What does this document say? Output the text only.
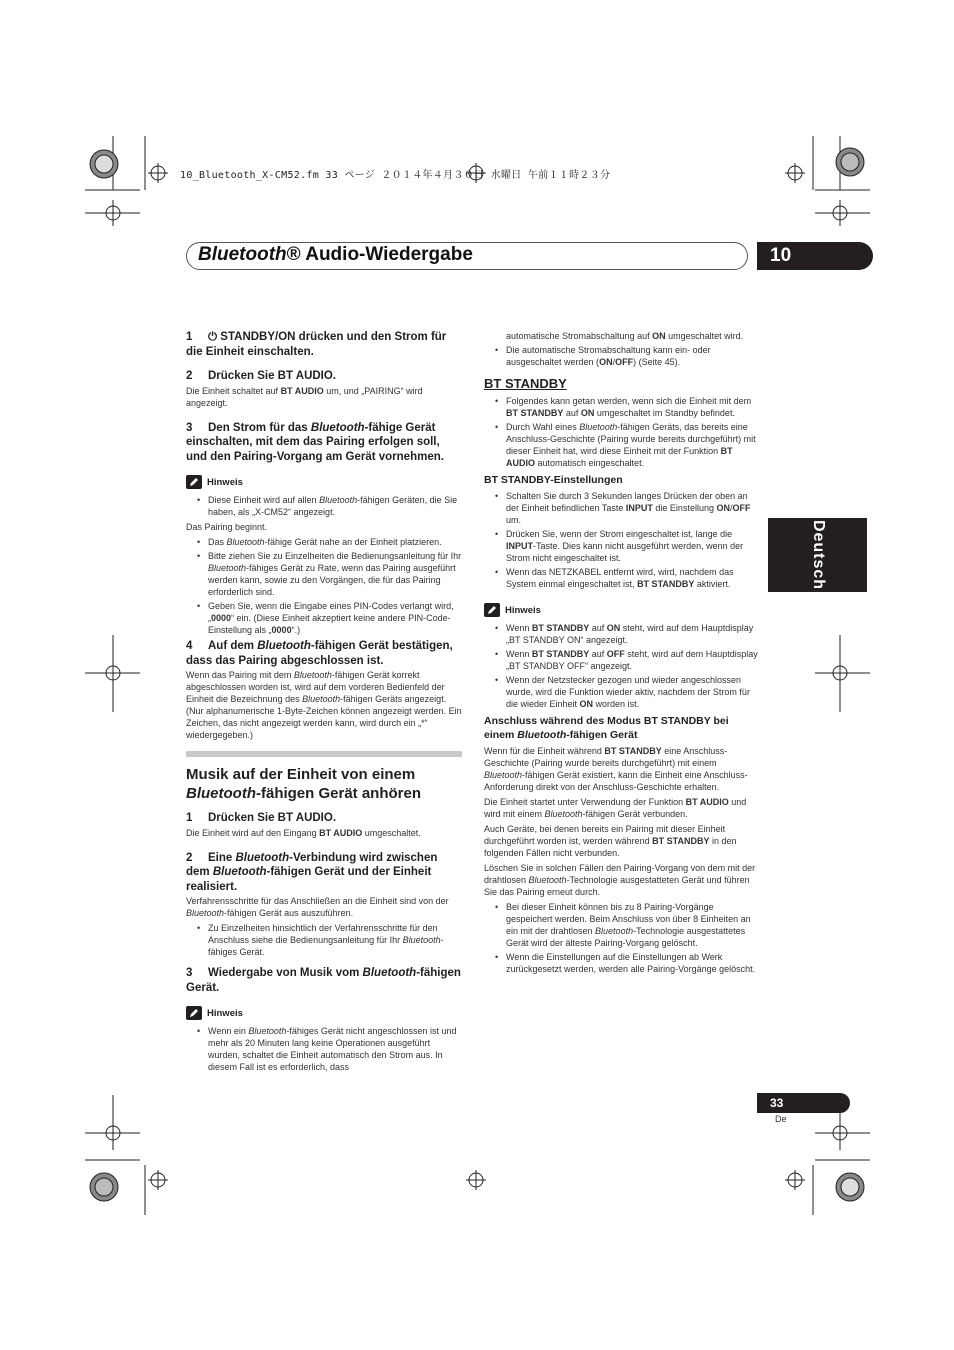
10_Bluetooth_X-CM52.fm 33 ページ ２０１４年４月３０日 水曜日 午前１１時２３分
Bluetooth® Audio-Wiedergabe	10
Deutsch
1 ⏻ STANDBY/ON drücken und den Strom für die Einheit einschalten.
2 Drücken Sie BT AUDIO.
Die Einheit schaltet auf BT AUDIO um, und „PAIRING“ wird angezeigt.
3 Den Strom für das Bluetooth-fähige Gerät einschalten, mit dem das Pairing erfolgen soll, und den Pairing-Vorgang am Gerät vornehmen.
Hinweis
• Diese Einheit wird auf allen Bluetooth-fähigen Geräten, die Sie haben, als „X-CM52“ angezeigt.
Das Pairing beginnt.
• Das Bluetooth-fähige Gerät nahe an der Einheit platzieren.
• Bitte ziehen Sie zu Einzelheiten die Bedienungsanleitung für Ihr Bluetooth-fähiges Gerät zu Rate, wenn das Pairing ausgeführt werden kann, sowie zu den Vorgängen, die für das Pairing erforderlich sind.
• Geben Sie, wenn die Eingabe eines PIN-Codes verlangt wird, „0000“ ein. (Diese Einheit akzeptiert keine andere PIN-Code-Einstellung als „0000“.)
4 Auf dem Bluetooth-fähigen Gerät bestätigen, dass das Pairing abgeschlossen ist.
Wenn das Pairing mit dem Bluetooth-fähigen Gerät korrekt abgeschlossen worden ist, wird auf dem vorderen Bedienfeld der Einheit die Bezeichnung des Bluetooth-fähigen Geräts angezeigt. (Nur alphanumerische 1-Byte-Zeichen können angezeigt werden. Ein Zeichen, das nicht angezeigt werden kann, wird durch ein „*“ wiedergegeben.)
Musik auf der Einheit von einem Bluetooth-fähigen Gerät anhören
1 Drücken Sie BT AUDIO.
Die Einheit wird auf den Eingang BT AUDIO umgeschaltet.
2 Eine Bluetooth-Verbindung wird zwischen dem Bluetooth-fähigen Gerät und der Einheit realisiert.
Verfahrensschritte für das Anschließen an die Einheit sind von der Bluetooth-fähigen Gerät aus auszuführen.
• Zu Einzelheiten hinsichtlich der Verfahrensschritte für den Anschluss siehe die Bedienungsanleitung für Ihr Bluetooth-fähiges Gerät.
3 Wiedergabe von Musik vom Bluetooth-fähigen Gerät.
Hinweis
• Wenn ein Bluetooth-fähiges Gerät nicht angeschlossen ist und mehr als 20 Minuten lang keine Operationen ausgeführt wurden, schaltet die Einheit automatisch den Strom aus. In diesem Fall ist es erforderlich, dass
automatische Stromabschaltung auf ON umgeschaltet wird.
• Die automatische Stromabschaltung kann ein- oder ausgeschaltet werden (ON/OFF) (Seite 45).
BT STANDBY
• Folgendes kann getan werden, wenn sich die Einheit mit dem BT STANDBY auf ON umgeschaltet im Standby befindet.
• Durch Wahl eines Bluetooth-fähigen Geräts, das bereits eine Anschluss-Geschichte (Pairing wurde bereits durchgeführt) mit dieser Einheit hat, wird diese Einheit mit der Funktion BT AUDIO automatisch eingeschaltet.
BT STANDBY-Einstellungen
• Schalten Sie durch 3 Sekunden langes Drücken der oben an der Einheit befindlichen Taste INPUT die Einstellung ON/OFF um.
• Drücken Sie, wenn der Strom eingeschaltet ist, lange die INPUT-Taste. Dies kann nicht ausgeführt werden, wenn der Strom nicht eingeschaltet ist.
• Wenn das NETZKABEL entfernt wird, wird, nachdem das System einmal eingeschaltet ist, BT STANDBY aktiviert.
Hinweis
• Wenn BT STANDBY auf ON steht, wird auf dem Hauptdisplay „BT STANDBY ON“ angezeigt.
• Wenn BT STANDBY auf OFF steht, wird auf dem Hauptdisplay „BT STANDBY OFF“ angezeigt.
• Wenn der Netzstecker gezogen und wieder angeschlossen wurde, wird die Funktion wieder aktiv, nachdem der Strom für die wieder Einheit ON worden ist.
Anschluss während des Modus BT STANDBY bei einem Bluetooth-fähigen Gerät
Wenn für die Einheit während BT STANDBY eine Anschluss-Geschichte (Pairing wurde bereits durchgeführt) mit einem Bluetooth-fähigen Gerät existiert, kann die Einheit eine Anschluss-Anforderung direkt von der Anschluss-Geschichte erhalten.
Die Einheit startet unter Verwendung der Funktion BT AUDIO und wird mit einem Bluetooth-fähigen Gerät verbunden.
Auch Geräte, bei denen bereits ein Pairing mit dieser Einheit durchgeführt worden ist, werden während BT STANDBY in den folgenden Fällen nicht verbunden.
Löschen Sie in solchen Fällen den Pairing-Vorgang von dem mit der drahtlosen Bluetooth-Technologie ausgestatteten Gerät und führen Sie das Pairing erneut durch.
• Bei dieser Einheit können bis zu 8 Pairing-Vorgänge gespeichert werden. Beim Anschluss von über 8 Einheiten an ein mit der drahtlosen Bluetooth-Technologie ausgestattetes Gerät wird der älteste Pairing-Vorgang gelöscht.
• Wenn die Einstellungen auf die Einstellungen ab Werk zurückgesetzt werden, werden alle Pairing-Vorgänge gelöscht.
33
De
